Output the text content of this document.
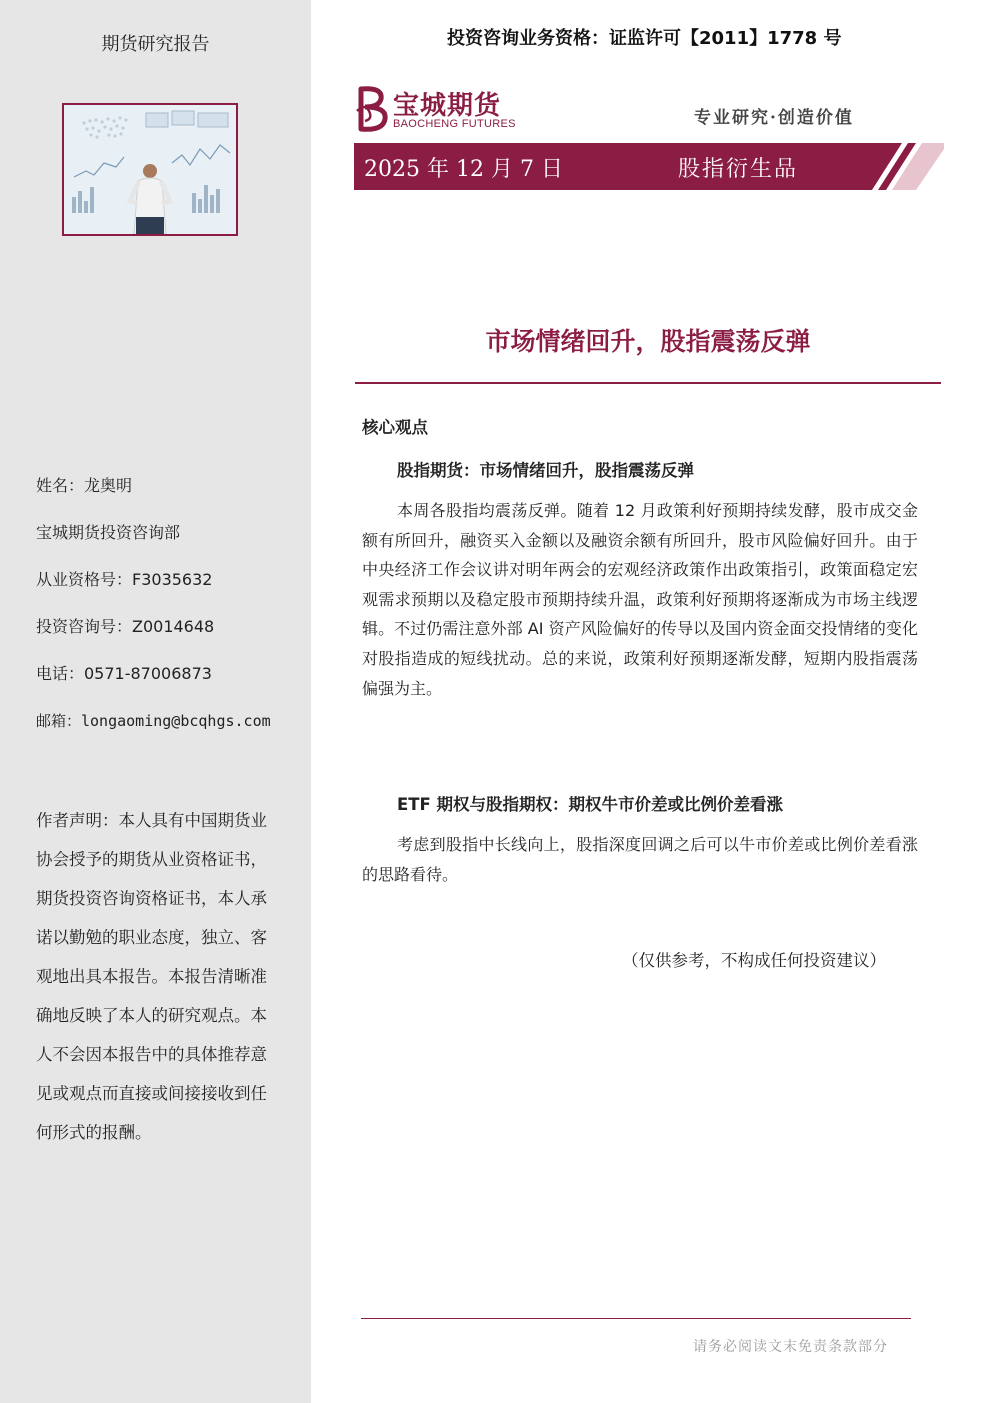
期货研究报告
姓名：龙奥明
宝城期货投资咨询部
从业资格号：F3035632
投资咨询号：Z0014648
电话：0571-87006873
邮箱：longaoming@bcqhgs.com
作者声明：本人具有中国期货业协会授予的期货从业资格证书，期货投资咨询资格证书，本人承诺以勤勉的职业态度，独立、客观地出具本报告。本报告清晰准确地反映了本人的研究观点。本人不会因本报告中的具体推荐意见或观点而直接或间接接收到任何形式的报酬。
投资咨询业务资格：证监许可【2011】1778 号
宝城期货
BAOCHENG FUTURES	专业研究·创造价值
2025 年 12 月 7 日	股指衍生品
市场情绪回升，股指震荡反弹
核心观点
股指期货：市场情绪回升，股指震荡反弹
本周各股指均震荡反弹。随着 12 月政策利好预期持续发酵，股市成交金额有所回升，融资买入金额以及融资余额有所回升，股市风险偏好回升。由于中央经济工作会议讲对明年两会的宏观经济政策作出政策指引，政策面稳定宏观需求预期以及稳定股市预期持续升温，政策利好预期将逐渐成为市场主线逻辑。不过仍需注意外部 AI 资产风险偏好的传导以及国内资金面交投情绪的变化对股指造成的短线扰动。总的来说，政策利好预期逐渐发酵，短期内股指震荡偏强为主。
ETF 期权与股指期权：期权牛市价差或比例价差看涨
考虑到股指中长线向上，股指深度回调之后可以牛市价差或比例价差看涨的思路看待。
（仅供参考，不构成任何投资建议）
请务必阅读文末免责条款部分
